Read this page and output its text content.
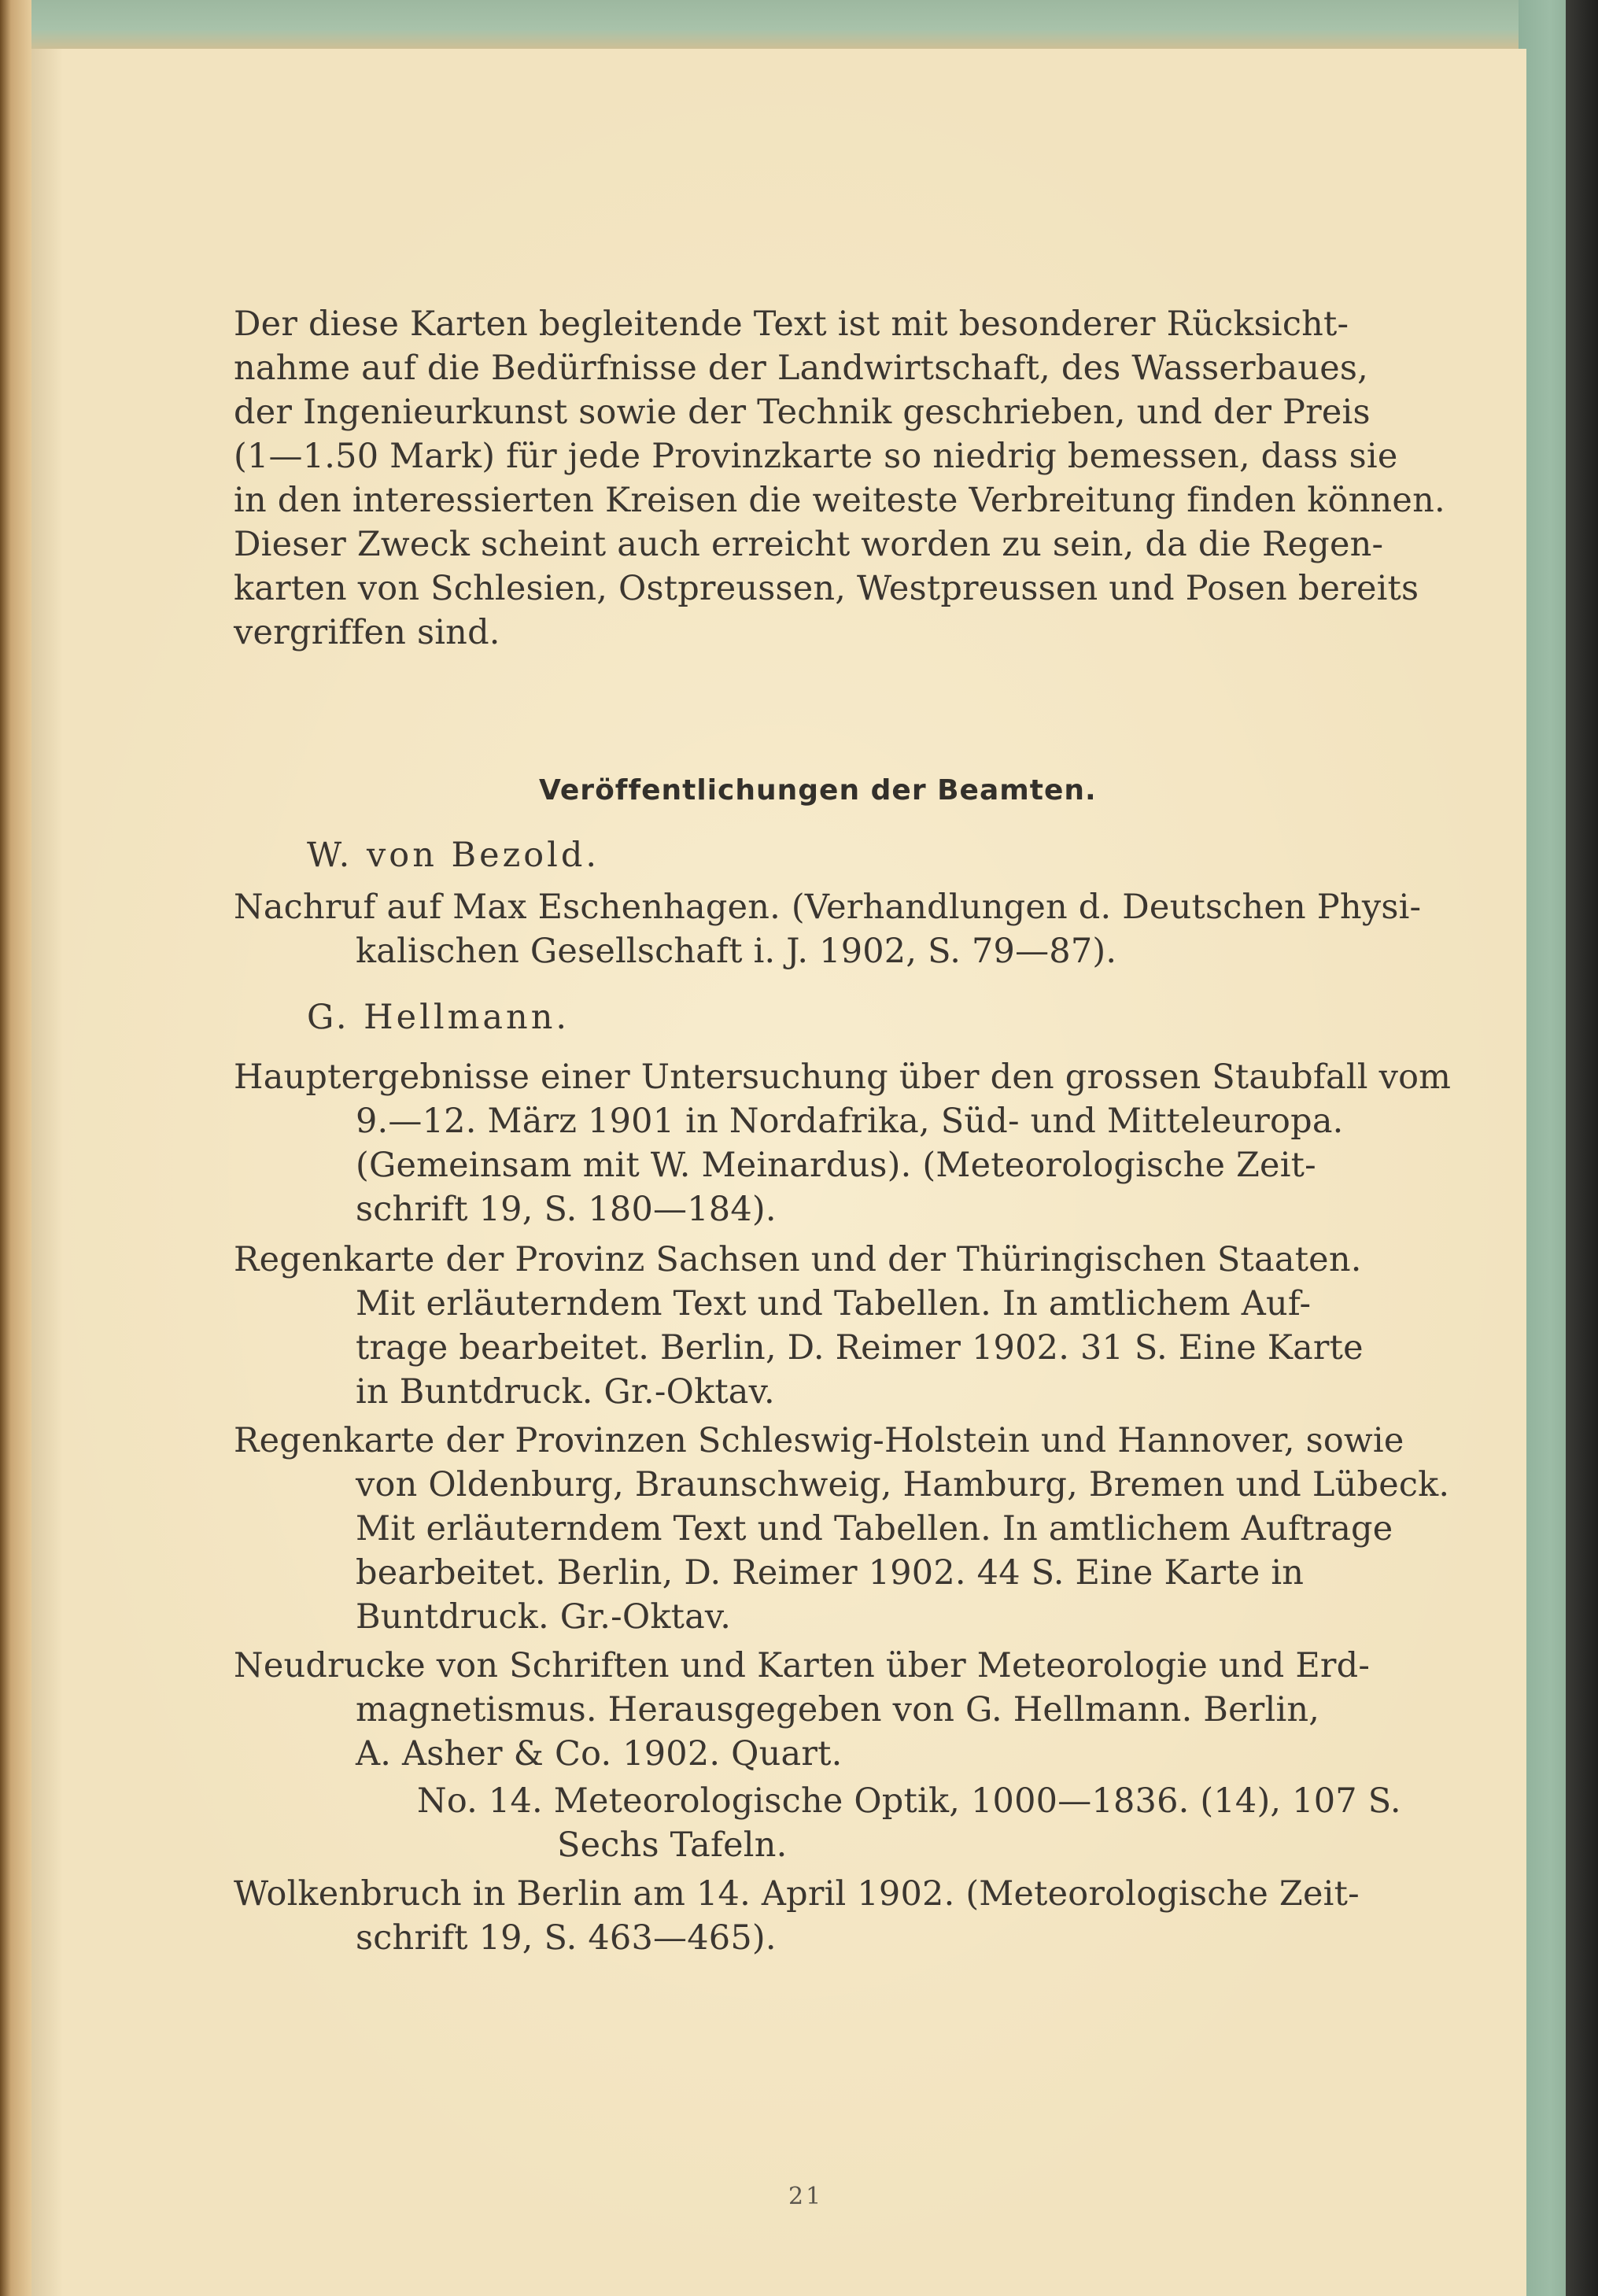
Der diese Karten begleitende Text ist mit besonderer Rücksicht-
nahme auf die Bedürfnisse der Landwirtschaft, des Wasserbaues,
der Ingenieurkunst sowie der Technik geschrieben, und der Preis
(1—1.50 Mark) für jede Provinzkarte so niedrig bemessen, dass sie
in den interessierten Kreisen die weiteste Verbreitung finden können.
Dieser Zweck scheint auch erreicht worden zu sein, da die Regen-
karten von Schlesien, Ostpreussen, Westpreussen und Posen bereits
vergriffen sind.
Veröffentlichungen der Beamten.
W. von Bezold.
Nachruf auf Max Eschenhagen. (Verhandlungen d. Deutschen Physi-
kalischen Gesellschaft i. J. 1902, S. 79—87).
G. Hellmann.
Hauptergebnisse einer Untersuchung über den grossen Staubfall vom
9.—12. März 1901 in Nordafrika, Süd- und Mitteleuropa.
(Gemeinsam mit W. Meinardus). (Meteorologische Zeit-
schrift 19, S. 180—184).
Regenkarte der Provinz Sachsen und der Thüringischen Staaten.
Mit erläuterndem Text und Tabellen. In amtlichem Auf-
trage bearbeitet. Berlin, D. Reimer 1902. 31 S. Eine Karte
in Buntdruck. Gr.-Oktav.
Regenkarte der Provinzen Schleswig-Holstein und Hannover, sowie
von Oldenburg, Braunschweig, Hamburg, Bremen und Lübeck.
Mit erläuterndem Text und Tabellen. In amtlichem Auftrage
bearbeitet. Berlin, D. Reimer 1902. 44 S. Eine Karte in
Buntdruck. Gr.-Oktav.
Neudrucke von Schriften und Karten über Meteorologie und Erd-
magnetismus. Herausgegeben von G. Hellmann. Berlin,
A. Asher & Co. 1902. Quart.
No. 14. Meteorologische Optik, 1000—1836. (14), 107 S.
Sechs Tafeln.
Wolkenbruch in Berlin am 14. April 1902. (Meteorologische Zeit-
schrift 19, S. 463—465).
21
